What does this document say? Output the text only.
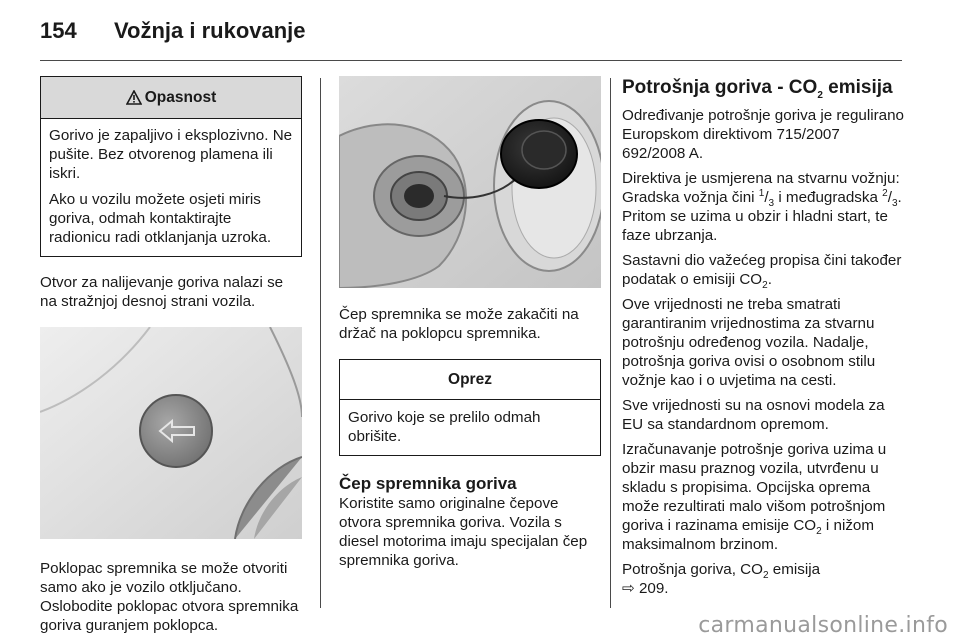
154	Vožnja i rukovanje
Opasnost

Gorivo je zapaljivo i eksplozivno. Ne pušite. Bez otvorenog plamena ili iskri.

Ako u vozilu možete osjeti miris goriva, odmah kontaktirajte radionicu radi otklanjanja uzroka.

Otvor za nalijevanje goriva nalazi se na stražnjoj desnoj strani vozila.

Poklopac spremnika se može otvoriti samo ako je vozilo otključano. Oslobodite poklopac otvora spremnika goriva guranjem poklopca.

Čep spremnika se može zakačiti na držač na poklopcu spremnika.

Oprez

Gorivo koje se prelilo odmah obrišite.

Čep spremnika goriva

Koristite samo originalne čepove otvora spremnika goriva. Vozila s diesel motorima imaju specijalan čep spremnika goriva.

Potrošnja goriva - $CO_2$ emisija

Određivanje potrošnje goriva je regulirano Europskom direktivom 715/2007 692/2008 A.

Direktiva je usmjerena na stvarnu vožnju: Gradska vožnja čini $^1/_3$ i međugradska $^2/_3$. Pritom se uzima u obzir i hladni start, te faze ubrzanja.

Sastavni dio važećeg propisa čini također podatak o emisiji $CO_2$.

Ove vrijednosti ne treba smatrati garantiranim vrijednostima za stvarnu potrošnju određenog vozila. Nadalje, potrošnja goriva ovisi o osobnom stilu vožnje kao i o uvjetima na cesti.

Sve vrijednosti su na osnovi modela za EU sa standardnom opremom.

Izračunavanje potrošnje goriva uzima u obzir masu praznog vozila, utvrđenu u skladu s propisima. Opcijska oprema može rezultirati malo višom potrošnjom goriva i razinama emisije $CO_2$ i nižom maksimalnom brzinom.

Potrošnja goriva, $CO_2$ emisija
⇨ 209.

carmanualsonline.info
